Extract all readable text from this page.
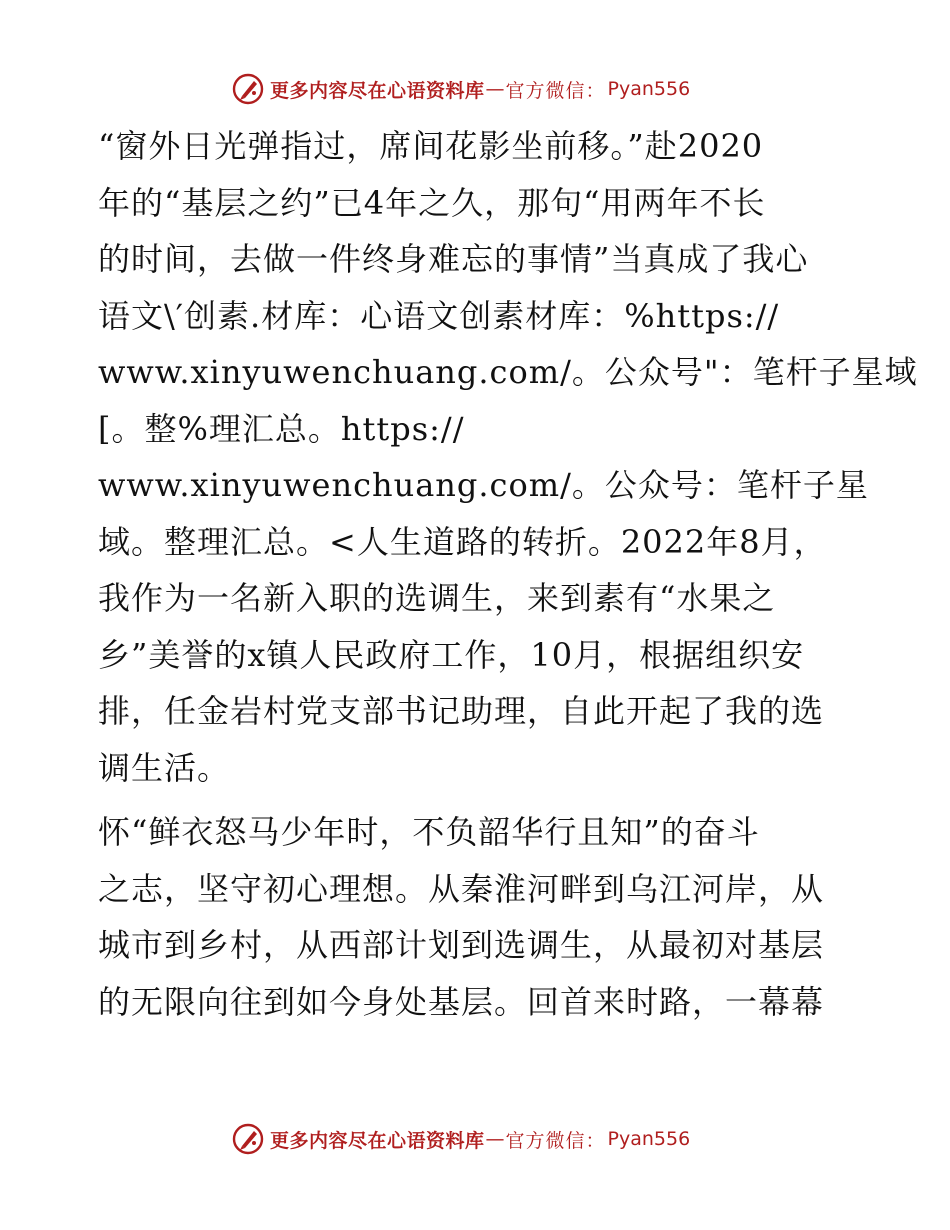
更多内容尽在心语资料库 — 官方微信： Pyan556

“窗外日光弹指过，席间花影坐前移。”赴2020
年的“基层之约”已4年之久，那句“用两年不长
的时间，去做一件终身难忘的事情”当真成了我心
语文\′创素.材库：心语文创素材库：%https://
www.xinyuwenchuang.com/。公众号"：笔杆子星域
[。整%理汇总。https://
www.xinyuwenchuang.com/。公众号：笔杆子星
域。整理汇总。<人生道路的转折。2022年8月，
我作为一名新入职的选调生，来到素有“水果之
乡”美誉的x镇人民政府工作，10月，根据组织安
排，任金岩村党支部书记助理，自此开起了我的选
调生活。

怀“鲜衣怒马少年时，不负韶华行且知”的奋斗
之志，坚守初心理想。从秦淮河畔到乌江河岸，从
城市到乡村，从西部计划到选调生，从最初对基层
的无限向往到如今身处基层。回首来时路，一幕幕

更多内容尽在心语资料库 — 官方微信： Pyan556
